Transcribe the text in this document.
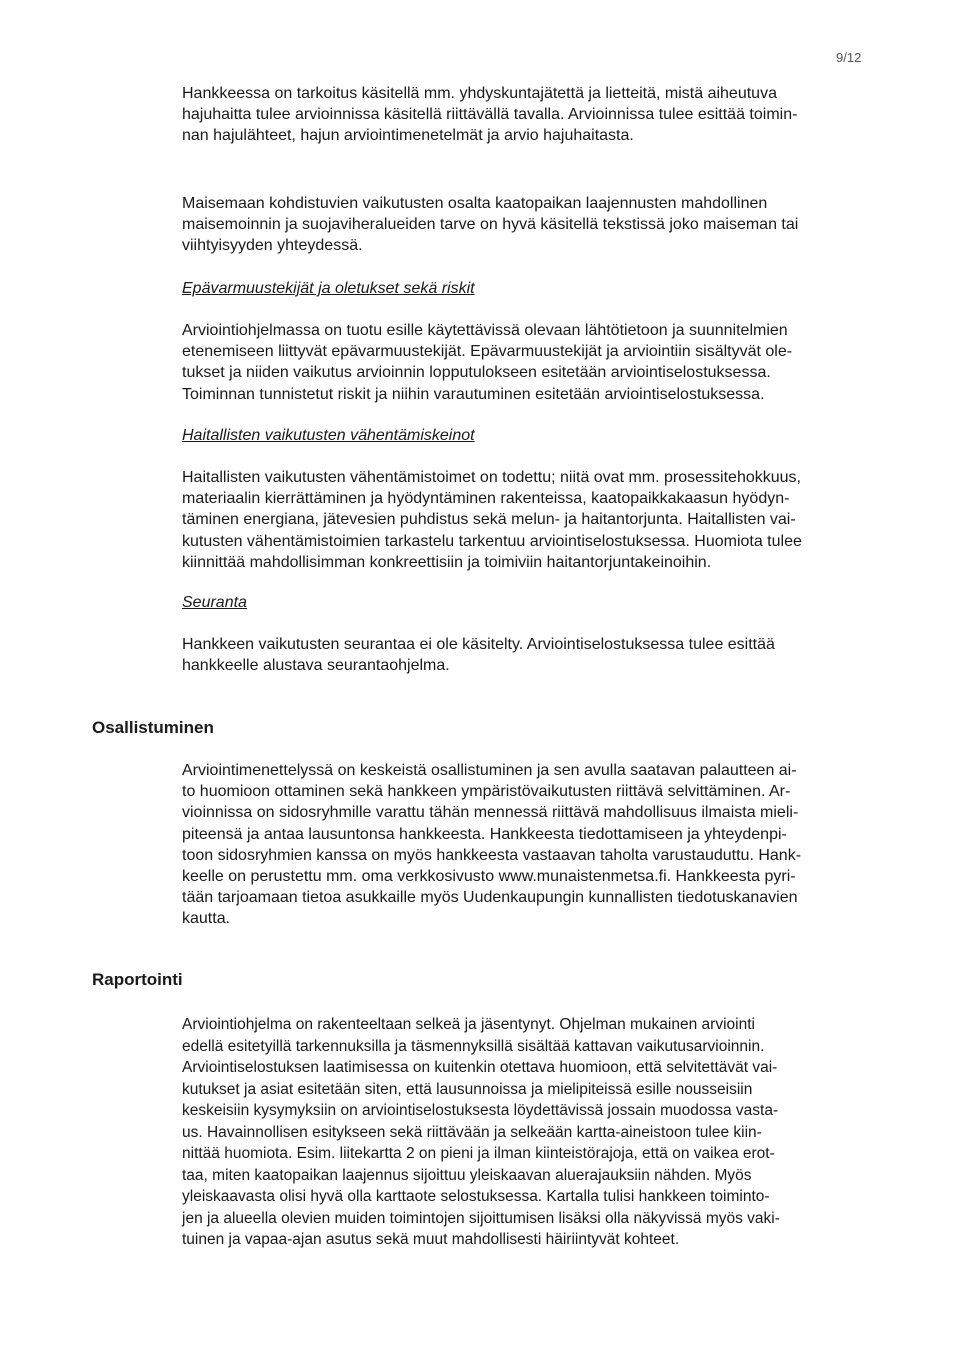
9/12

Hankkeessa on tarkoitus käsitellä mm. yhdyskuntajätettä ja lietteitä, mistä aiheutuva
hajuhaitta tulee arvioinnissa käsitellä riittävällä tavalla. Arvioinnissa tulee esittää toimin-
nan hajulähteet, hajun arviointimenetelmät ja arvio hajuhaitasta.

Maisemaan kohdistuvien vaikutusten osalta kaatopaikan laajennusten mahdollinen
maisemoinnin ja suojaviheralueiden tarve on hyvä käsitellä tekstissä joko maiseman tai
viihtyisyyden yhteydessä.

Epävarmuustekijät ja oletukset sekä riskit

Arviointiohjelmassa on tuotu esille käytettävissä olevaan lähtötietoon ja suunnitelmien
etenemiseen liittyvät epävarmuustekijät. Epävarmuustekijät ja arviointiin sisältyvät ole-
tukset ja niiden vaikutus arvioinnin lopputulokseen esitetään arviointiselostuksessa.
Toiminnan tunnistetut riskit ja niihin varautuminen esitetään arviointiselostuksessa.

Haitallisten vaikutusten vähentämiskeinot

Haitallisten vaikutusten vähentämistoimet on todettu; niitä ovat mm. prosessitehokkuus,
materiaalin kierrättäminen ja hyödyntäminen rakenteissa, kaatopaikkakaasun hyödyn-
täminen energiana, jätevesien puhdistus sekä melun- ja haitantorjunta. Haitallisten vai-
kutusten vähentämistoimien tarkastelu tarkentuu arviointiselostuksessa. Huomiota tulee
kiinnittää mahdollisimman konkreettisiin ja toimiviin haitantorjuntakeinoihin.

Seuranta

Hankkeen vaikutusten seurantaa ei ole käsitelty. Arviointiselostuksessa tulee esittää
hankkeelle alustava seurantaohjelma.

Osallistuminen

Arviointimenettelyssä on keskeistä osallistuminen ja sen avulla saatavan palautteen ai-
to huomioon ottaminen sekä hankkeen ympäristövaikutusten riittävä selvittäminen. Ar-
vioinnissa on sidosryhmille varattu tähän mennessä riittävä mahdollisuus ilmaista mieli-
piteensä ja antaa lausuntonsa hankkeesta. Hankkeesta tiedottamiseen ja yhteydenpi-
toon sidosryhmien kanssa on myös hankkeesta vastaavan taholta varustauduttu. Hank-
keelle on perustettu mm. oma verkkosivusto www.munaistenmetsa.fi. Hankkeesta pyri-
tään tarjoamaan tietoa asukkaille myös Uudenkaupungin kunnallisten tiedotuskanavien
kautta.

Raportointi

Arviointiohjelma on rakenteeltaan selkeä ja jäsentynyt. Ohjelman mukainen arviointi
edellä esitetyillä tarkennuksilla ja täsmennyksillä sisältää kattavan vaikutusarvioinnin.
Arviointiselostuksen laatimisessa on kuitenkin otettava huomioon, että selvitettävät vai-
kutukset ja asiat esitetään siten, että lausunnoissa ja mielipiteissä esille nousseisiin
keskeisiin kysymyksiin on arviointiselostuksesta löydettävissä jossain muodossa vasta-
us. Havainnollisen esitykseen sekä riittävään ja selkeään kartta-aineistoon tulee kiin-
nittää huomiota. Esim. liitekartta 2 on pieni ja ilman kiinteistörajoja, että on vaikea erot-
taa, miten kaatopaikan laajennus sijoittuu yleiskaavan aluerajauksiin nähden. Myös
yleiskaavasta olisi hyvä olla karttaote selostuksessa. Kartalla tulisi hankkeen toiminto-
jen ja alueella olevien muiden toimintojen sijoittumisen lisäksi olla näkyvissä myös vaki-
tuinen ja vapaa-ajan asutus sekä muut mahdollisesti häiriintyvät kohteet.
